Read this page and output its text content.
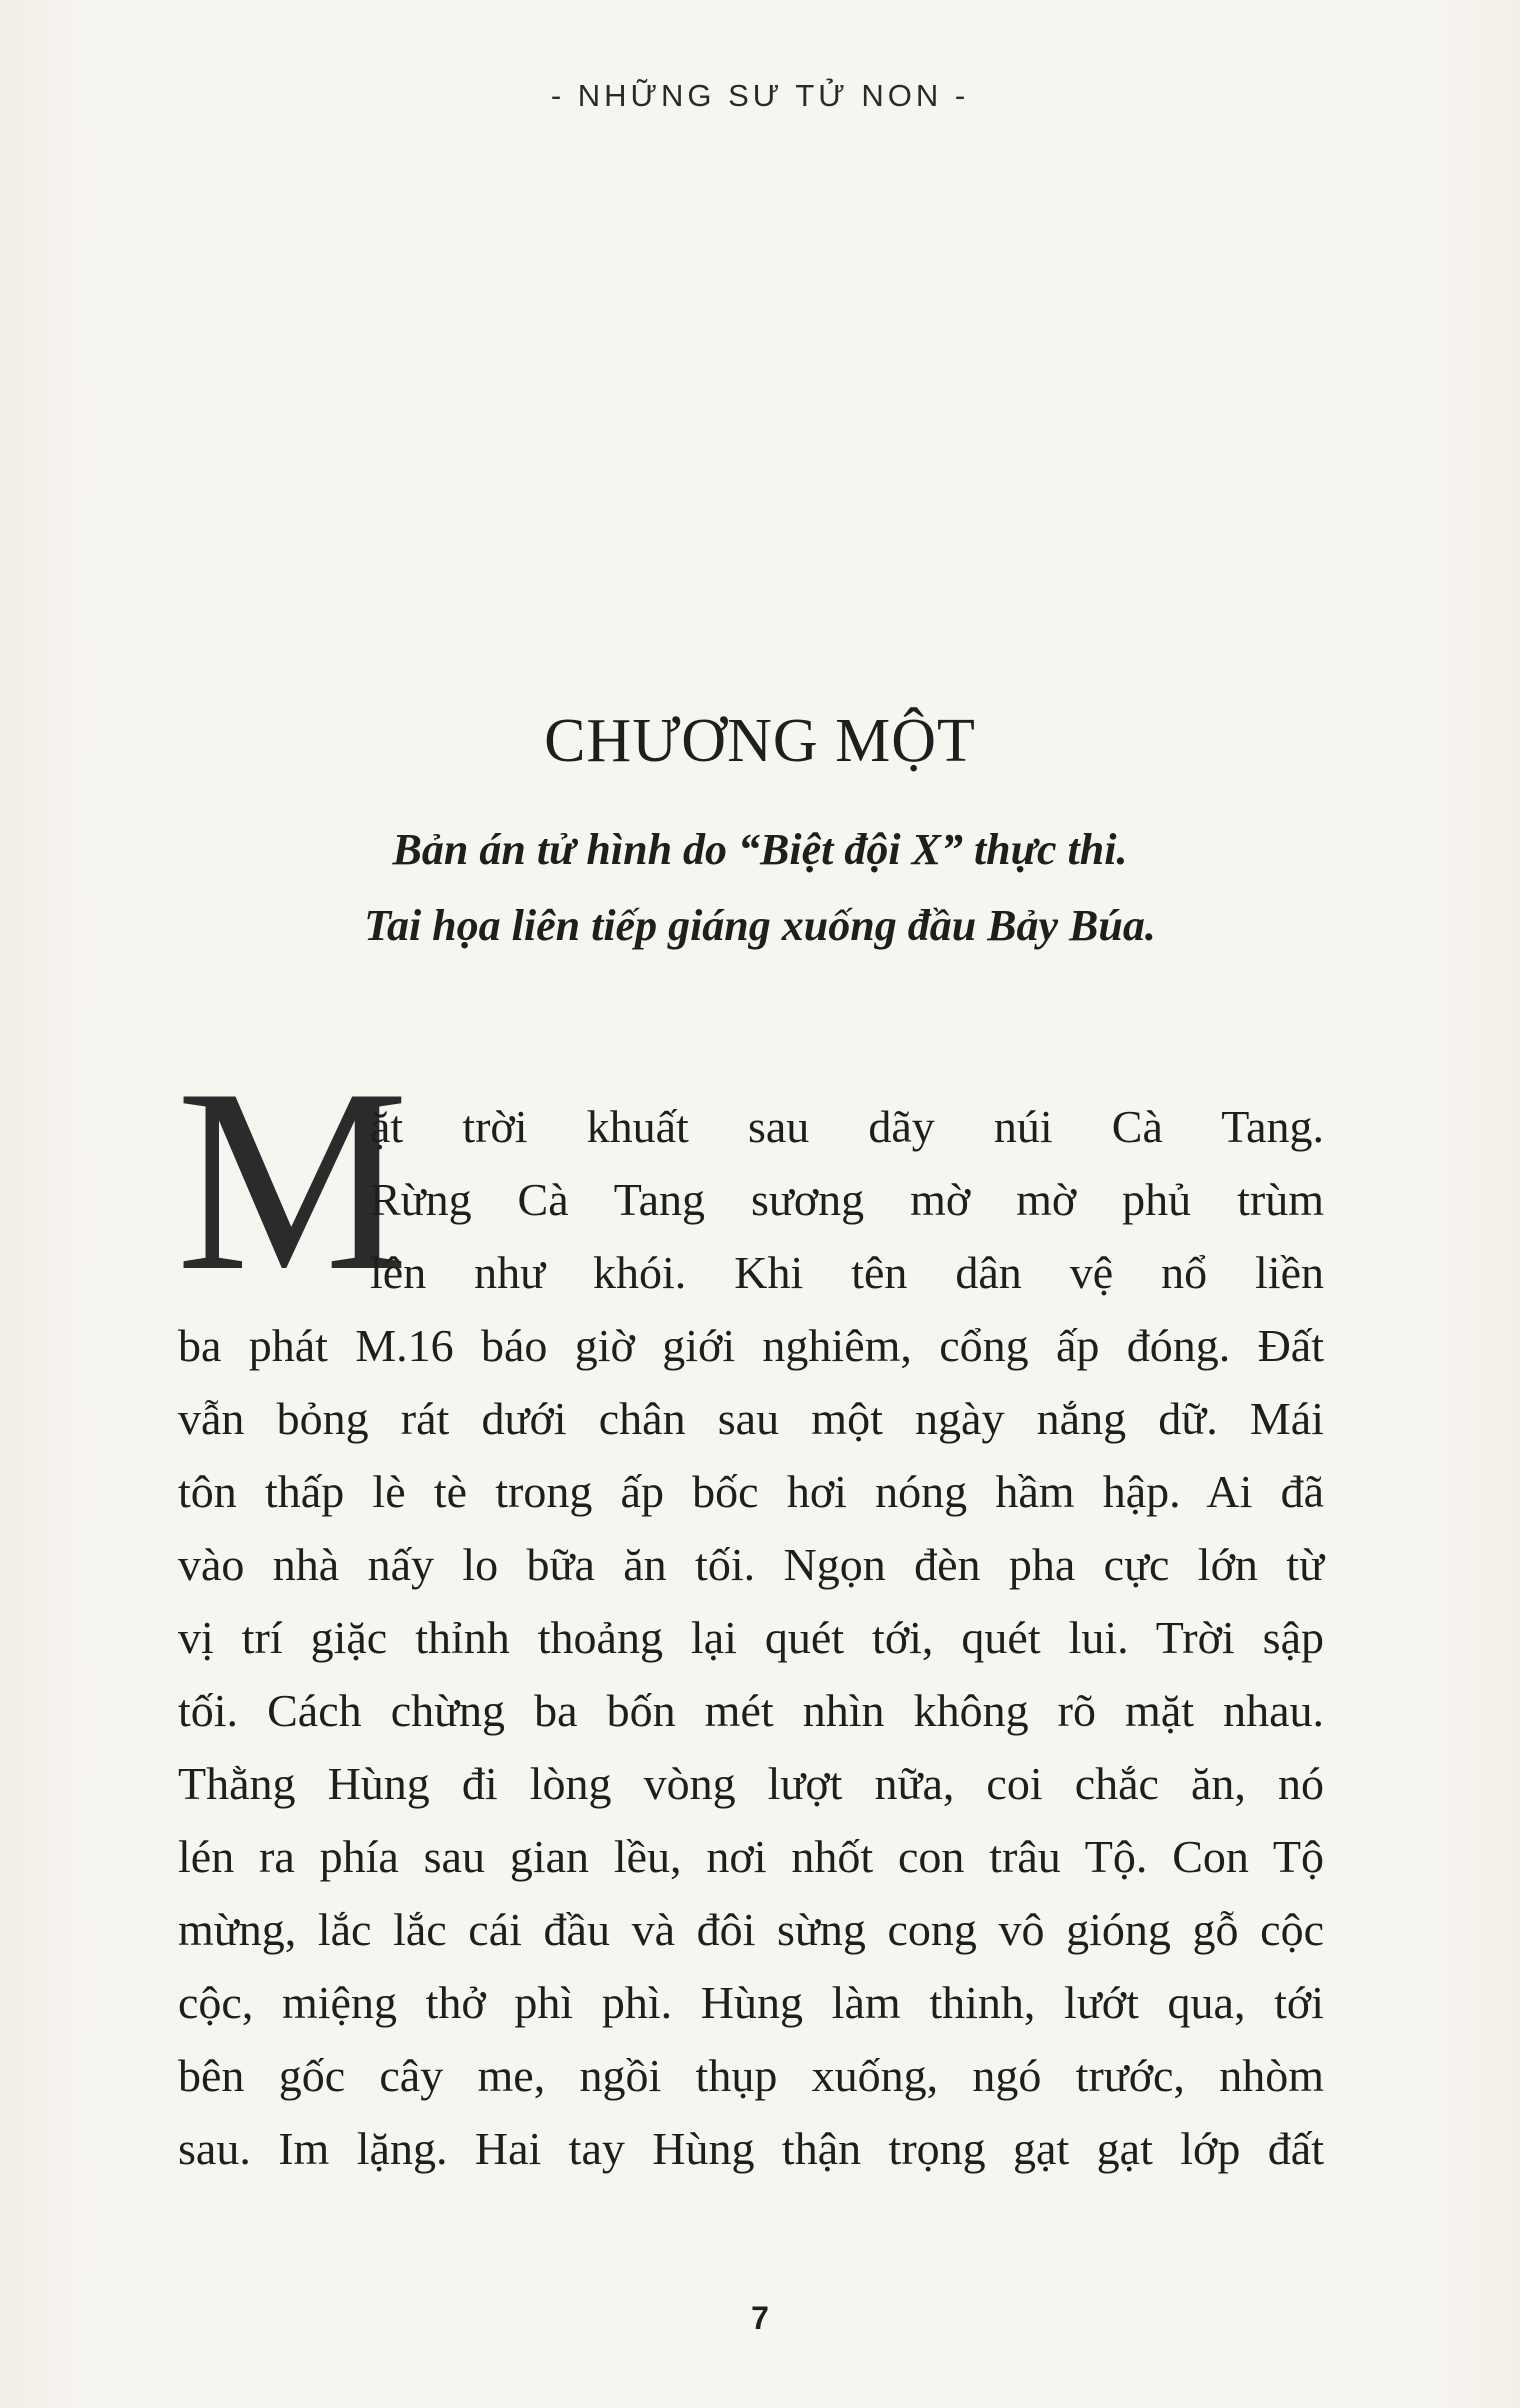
- NHỮNG SƯ TỬ NON -
CHƯƠNG MỘT
Bản án tử hình do “Biệt đội X” thực thi.
Tai họa liên tiếp giáng xuống đầu Bảy Búa.
M
ặt trời khuất sau dãy núi Cà Tang.
Rừng Cà Tang sương mờ mờ phủ trùm
lên như khói. Khi tên dân vệ nổ liền
ba phát M.16 báo giờ giới nghiêm, cổng ấp đóng. Đất
vẫn bỏng rát dưới chân sau một ngày nắng dữ. Mái
tôn thấp lè tè trong ấp bốc hơi nóng hầm hập. Ai đã
vào nhà nấy lo bữa ăn tối. Ngọn đèn pha cực lớn từ
vị trí giặc thỉnh thoảng lại quét tới, quét lui. Trời sập
tối. Cách chừng ba bốn mét nhìn không rõ mặt nhau.
Thằng Hùng đi lòng vòng lượt nữa, coi chắc ăn, nó
lén ra phía sau gian lều, nơi nhốt con trâu Tộ. Con Tộ
mừng, lắc lắc cái đầu và đôi sừng cong vô gióng gỗ cộc
cộc, miệng thở phì phì. Hùng làm thinh, lướt qua, tới
bên gốc cây me, ngồi thụp xuống, ngó trước, nhòm
sau. Im lặng. Hai tay Hùng thận trọng gạt gạt lớp đất
7
